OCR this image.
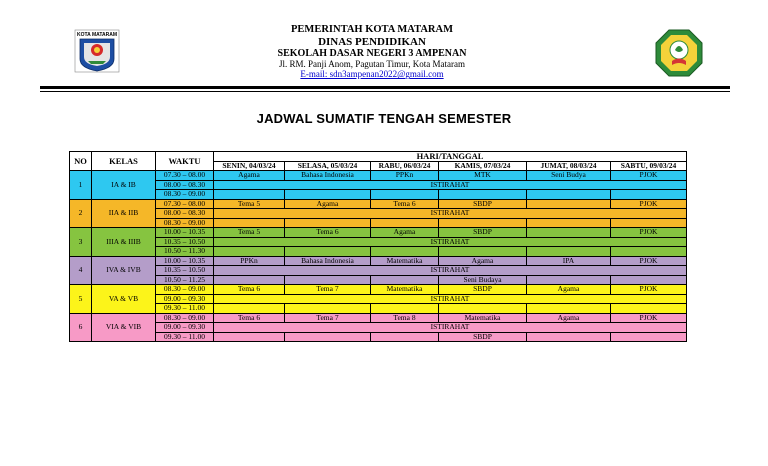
KOTA MATARAM	PEMERINTAH KOTA MATARAM
DINAS PENDIDIKAN
SEKOLAH DASAR NEGERI 3 AMPENAN
Jl. RM. Panji Anom, Pagutan Timur, Kota Mataram
E-mail: sdn3ampenan2022@gmail.com
JADWAL SUMATIF TENGAH SEMESTER
NO	KELAS	WAKTU	HARI/TANGGAL					
			SENIN, 04/03/24	SELASA, 05/03/24	RABU, 06/03/24	KAMIS, 07/03/24	JUMAT, 08/03/24	SABTU, 09/03/24
1	IA & IB	07.30 – 08.00	Agama	Bahasa Indonesia	PPKn	MTK	Seni Budya	PJOK
		08.00 – 08.30	ISTIRAHAT					
		08.30 – 09.00						
2	IIA & IIB	07.30 – 08.00	Tema 5	Agama	Tema 6	SBDP		PJOK
		08.00 – 08.30	ISTIRAHAT					
		08.30 – 09.00						
3	IIIA & IIIB	10.00 – 10.35	Tema 5	Tema 6	Agama	SBDP		PJOK
		10.35 – 10.50	ISTIRAHAT					
		10.50 – 11.30						
4	IVA & IVB	10.00 – 10.35	PPKn	Bahasa Indonesia	Matematika	Agama	IPA	PJOK
		10.35 – 10.50	ISTIRAHAT					
		10.50 – 11.25				Seni Budaya		
5	VA & VB	08.30 – 09.00	Tema 6	Tema 7	Matematika	SBDP	Agama	PJOK
		09.00 – 09.30	ISTIRAHAT					
		09.30 – 11.00						
6	VIA & VIB	08.30 – 09.00	Tema 6	Tema 7	Tema 8	Matematika	Agama	PJOK
		09.00 – 09.30	ISTIRAHAT					
		09.30 – 11.00				SBDP		
